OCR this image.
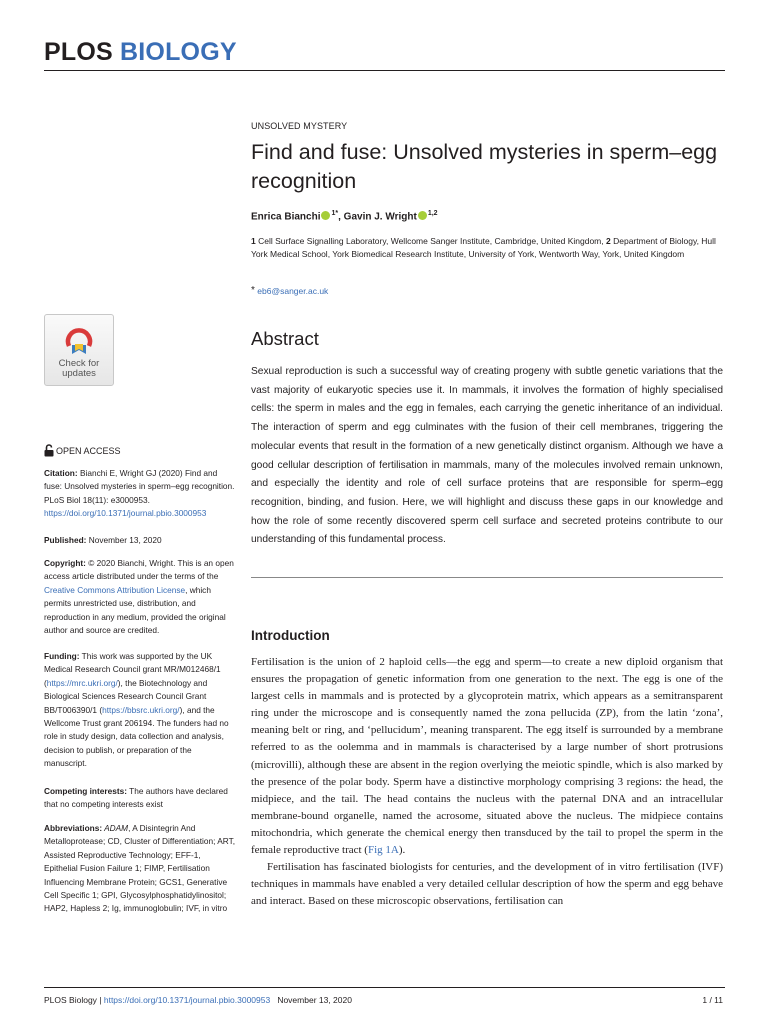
PLOS BIOLOGY
UNSOLVED MYSTERY
Find and fuse: Unsolved mysteries in sperm–egg recognition
Enrica Bianchi $^{1*}$, Gavin J. Wright $^{1,2}$
1 Cell Surface Signalling Laboratory, Wellcome Sanger Institute, Cambridge, United Kingdom, 2 Department of Biology, Hull York Medical School, York Biomedical Research Institute, University of York, Wentworth Way, York, United Kingdom
* eb6@sanger.ac.uk
Abstract

Sexual reproduction is such a successful way of creating progeny with subtle genetic variations that the vast majority of eukaryotic species use it. In mammals, it involves the formation of highly specialised cells: the sperm in males and the egg in females, each carrying the genetic inheritance of an individual. The interaction of sperm and egg culminates with the fusion of their cell membranes, triggering the molecular events that result in the formation of a new genetically distinct organism. Although we have a good cellular description of fertilisation in mammals, many of the molecules involved remain unknown, and especially the identity and role of cell surface proteins that are responsible for sperm–egg recognition, binding, and fusion. Here, we will highlight and discuss these gaps in our knowledge and how the role of some recently discovered sperm cell surface and secreted proteins contribute to our understanding of this fundamental process.

Introduction

Fertilisation is the union of 2 haploid cells—the egg and sperm—to create a new diploid organism that ensures the propagation of genetic information from one generation to the next. The egg is one of the largest cells in mammals and is protected by a glycoprotein matrix, which appears as a semitransparent ring under the microscope and is consequently named the zona pellucida (ZP), from the latin ‘zona’, meaning belt or ring, and ‘pellucidum’, meaning transparent. The egg itself is surrounded by a membrane referred to as the oolemma and in mammals is characterised by a large number of short protrusions (microvilli), although these are absent in the region overlying the meiotic spindle, which is also marked by the presence of the polar body. Sperm have a distinctive morphology comprising 3 regions: the head, the midpiece, and the tail. The head contains the nucleus with the paternal DNA and an intracellular membrane-bound organelle, named the acrosome, situated above the nucleus. The midpiece contains mitochondria, which generate the chemical energy then transduced by the tail to propel the sperm in the female reproductive tract (Fig 1A).

Fertilisation has fascinated biologists for centuries, and the development of in vitro fertilisation (IVF) techniques in mammals have enabled a very detailed cellular description of how the sperm and egg behave and interact. Based on these microscopic observations, fertilisation can

Check for
updates
OPEN ACCESS

Citation: Bianchi E, Wright GJ (2020) Find and fuse: Unsolved mysteries in sperm–egg recognition. PLoS Biol 18(11): e3000953. https://doi.org/10.1371/journal.pbio.3000953

Published: November 13, 2020

Copyright: © 2020 Bianchi, Wright. This is an open access article distributed under the terms of the Creative Commons Attribution License, which permits unrestricted use, distribution, and reproduction in any medium, provided the original author and source are credited.

Funding: This work was supported by the UK Medical Research Council grant MR/M012468/1 (https://mrc.ukri.org/), the Biotechnology and Biological Sciences Research Council Grant BB/T006390/1 (https://bbsrc.ukri.org/), and the Wellcome Trust grant 206194. The funders had no role in study design, data collection and analysis, decision to publish, or preparation of the manuscript.

Competing interests: The authors have declared that no competing interests exist

Abbreviations: ADAM, A Disintegrin And Metalloprotease; CD, Cluster of Differentiation; ART, Assisted Reproductive Technology; EFF-1, Epithelial Fusion Failure 1; FIMP, Fertilisation Influencing Membrane Protein; GCS1, Generative Cell Specific 1; GPI, Glycosylphosphatidylinositol; HAP2, Hapless 2; Ig, immunoglobulin; IVF, in vitro

PLOS Biology | https://doi.org/10.1371/journal.pbio.3000953 November 13, 2020	1 / 11
